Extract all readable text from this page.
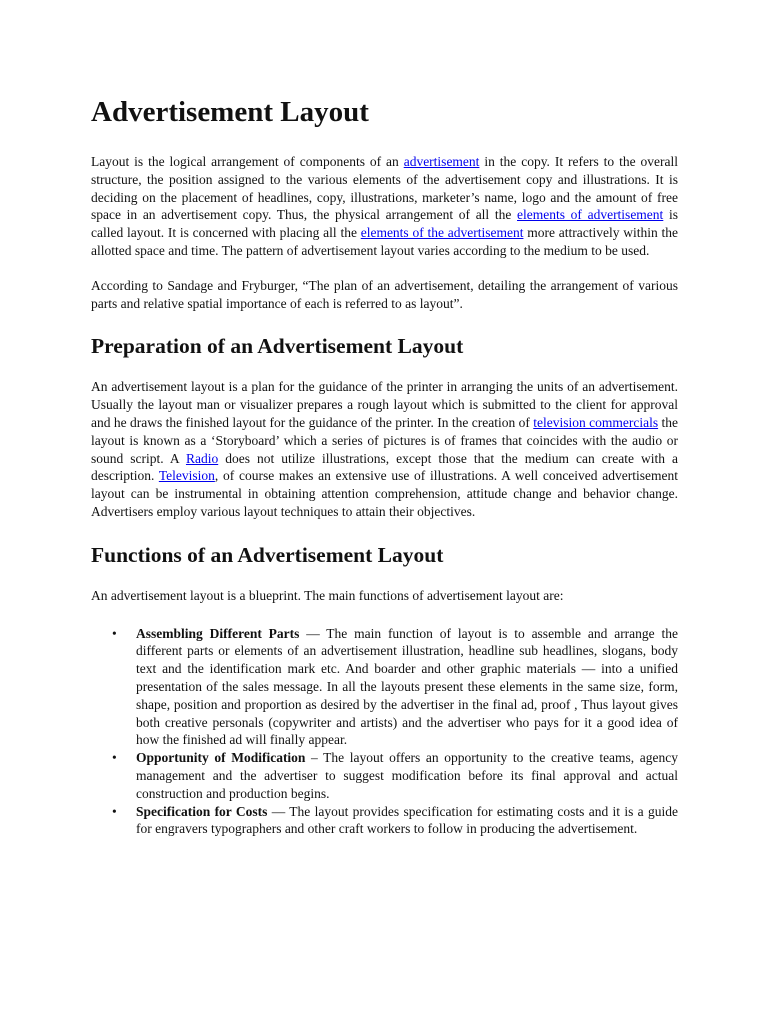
Advertisement Layout

Layout is the logical arrangement of components of an advertisement in the copy. It refers to the overall structure, the position assigned to the various elements of the advertisement copy and illustrations. It is deciding on the placement of headlines, copy, illustrations, marketer’s name, logo and the amount of free space in an advertisement copy. Thus, the physical arrangement of all the elements of advertisement is called layout. It is concerned with placing all the elements of the advertisement more attractively within the allotted space and time. The pattern of advertisement layout varies according to the medium to be used.

According to Sandage and Fryburger, “The plan of an advertisement, detailing the arrangement of various parts and relative spatial importance of each is referred to as layout”.

Preparation of an Advertisement Layout

An advertisement layout is a plan for the guidance of the printer in arranging the units of an advertisement. Usually the layout man or visualizer prepares a rough layout which is submitted to the client for approval and he draws the finished layout for the guidance of the printer. In the creation of television commercials the layout is known as a ‘Storyboard’ which a series of pictures is of frames that coincides with the audio or sound script. A Radio does not utilize illustrations, except those that the medium can create with a description. Television, of course makes an extensive use of illustrations. A well conceived advertisement layout can be instrumental in obtaining attention comprehension, attitude change and behavior change. Advertisers employ various layout techniques to attain their objectives.

Functions of an Advertisement Layout

An advertisement layout is a blueprint. The main functions of advertisement layout are:

• Assembling Different Parts — The main function of layout is to assemble and arrange the different parts or elements of an advertisement illustration, headline sub headlines, slogans, body text and the identification mark etc. And boarder and other graphic materials — into a unified presentation of the sales message. In all the layouts present these elements in the same size, form, shape, position and proportion as desired by the advertiser in the final ad, proof , Thus layout gives both creative personals (copywriter and artists) and the advertiser who pays for it a good idea of how the finished ad will finally appear.
• Opportunity of Modification – The layout offers an opportunity to the creative teams, agency management and the advertiser to suggest modification before its final approval and actual construction and production begins.
• Specification for Costs — The layout provides specification for estimating costs and it is a guide for engravers typographers and other craft workers to follow in producing the advertisement.
